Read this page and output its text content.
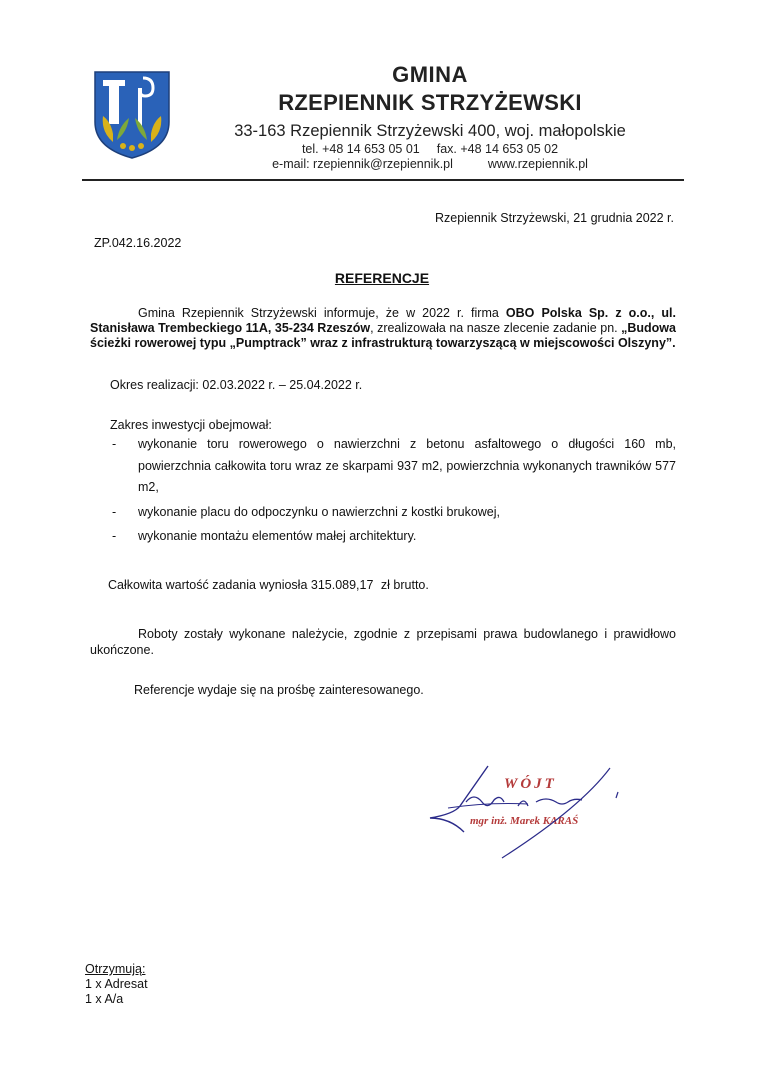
GMINA
RZEPIENNIK STRZYŻEWSKI
33-163 Rzepiennik Strzyżewski 400, woj. małopolskie
tel. +48 14 653 05 01 fax. +48 14 653 05 02
e-mail: rzepiennik@rzepiennik.pl	www.rzepiennik.pl
Rzepiennik Strzyżewski, 21 grudnia 2022 r.
ZP.042.16.2022
REFERENCJE
Gmina Rzepiennik Strzyżewski informuje, że w 2022 r. firma OBO Polska Sp. z o.o., ul. Stanisława Trembeckiego 11A, 35-234 Rzeszów, zrealizowała na nasze zlecenie zadanie pn. „Budowa ścieżki rowerowej typu „Pumptrack” wraz z infrastrukturą towarzyszącą w miejscowości Olszyny”.
Okres realizacji: 02.03.2022 r. – 25.04.2022 r.
Zakres inwestycji obejmował:
- wykonanie toru rowerowego o nawierzchni z betonu asfaltowego o długości 160 mb, powierzchnia całkowita toru wraz ze skarpami 937 m2, powierzchnia wykonanych trawników 577 m2,
- wykonanie placu do odpoczynku o nawierzchni z kostki brukowej,
- wykonanie montażu elementów małej architektury.
Całkowita wartość zadania wyniosła 315.089,17 zł brutto.
Roboty zostały wykonane należycie, zgodnie z przepisami prawa budowlanego i prawidłowo ukończone.
Referencje wydaje się na prośbę zainteresowanego.
WÓJT
mgr inż. Marek KARAŚ
Otrzymują:
1 x Adresat
1 x A/a
